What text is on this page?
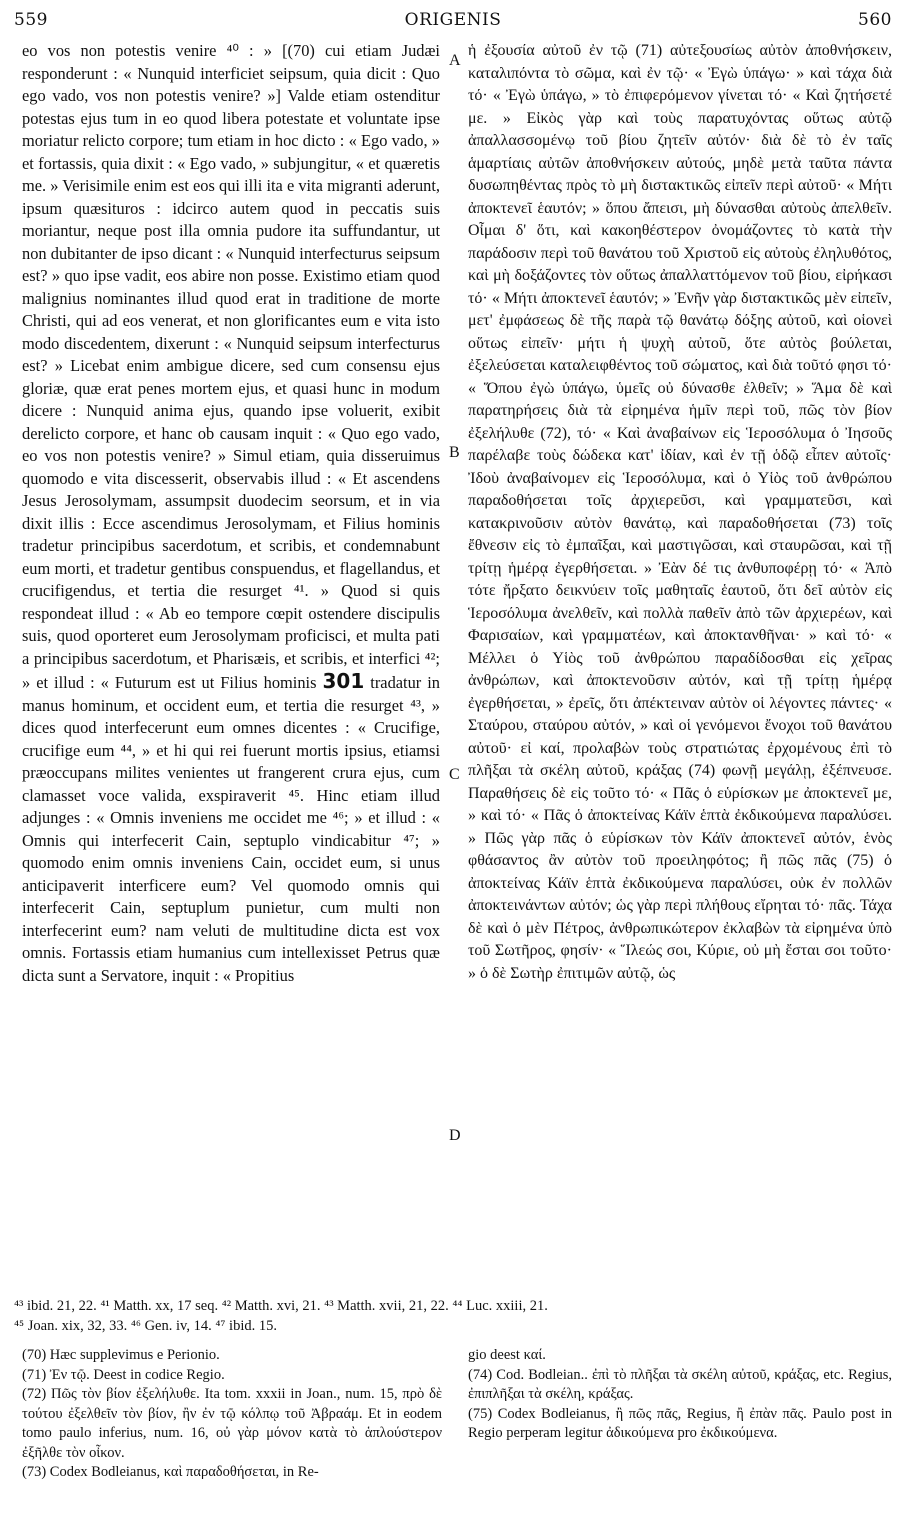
559	ORIGENIS	560

eo vos non potestis venire ⁴⁰ : » [(70) cui etiam Judæi responderunt : « Nunquid interficiet seipsum, quia dicit : Quo ego vado, vos non potestis venire? »] Valde etiam ostenditur potestas ejus tum in eo quod libera potestate et voluntate ipse moriatur relicto corpore; tum etiam in hoc dicto : « Ego vado, » et fortassis, quia dixit : « Ego vado, » subjungitur, « et quæretis me. » Verisimile enim est eos qui illi ita e vita migranti aderunt, ipsum quæsituros : idcirco autem quod in peccatis suis moriantur, neque post illa omnia pudore ita suffundantur, ut non dubitanter de ipso dicant : « Nunquid interfecturus seipsum est? » quo ipse vadit, eos abire non posse. Existimo etiam quod malignius nominantes illud quod erat in traditione de morte Christi, qui ad eos venerat, et non glorificantes eum e vita isto modo discedentem, dixerunt : « Nunquid seipsum interfecturus est? » Licebat enim ambigue dicere, sed cum consensu ejus gloriæ, quæ erat penes mortem ejus, et quasi hunc in modum dicere : Nunquid anima ejus, quando ipse voluerit, exibit derelicto corpore, et hanc ob causam inquit : « Quo ego vado, eo vos non potestis venire? » Simul etiam, quia disseruimus quomodo e vita discesserit, observabis illud : « Et ascendens Jesus Jerosolymam, assumpsit duodecim seorsum, et in via dixit illis : Ecce ascendimus Jerosolymam, et Filius hominis tradetur principibus sacerdotum, et scribis, et condemnabunt eum morti, et tradetur gentibus conspuendus, et flagellandus, et crucifigendus, et tertia die resurget ⁴¹. » Quod si quis respondeat illud : « Ab eo tempore cœpit ostendere discipulis suis, quod oporteret eum Jerosolymam proficisci, et multa pati a principibus sacerdotum, et Pharisæis, et scribis, et interfici ⁴²; » et illud : « Futurum est ut Filius hominis 301 tradatur in manus hominum, et occident eum, et tertia die resurget ⁴³, » dices quod interfecerunt eum omnes dicentes : « Crucifige, crucifige eum ⁴⁴, » et hi qui rei fuerunt mortis ipsius, etiamsi præoccupans milites venientes ut frangerent crura ejus, cum clamasset voce valida, exspiraverit ⁴⁵. Hinc etiam illud adjunges : « Omnis inveniens me occidet me ⁴⁶; » et illud : « Omnis qui interfecerit Cain, septuplo vindicabitur ⁴⁷; » quomodo enim omnis inveniens Cain, occidet eum, si unus anticipaverit interficere eum? Vel quomodo omnis qui interfecerit Cain, septuplum punietur, cum multi non interfecerint eum? nam veluti de multitudine dicta est vox omnis. Fortassis etiam humanius cum intellexisset Petrus quæ dicta sunt a Servatore, inquit : « Propitius

A
B
C
D

ἡ ἐξουσία αὐτοῦ ἐν τῷ (71) αὐτεξουσίως αὐτὸν ἀποθνήσκειν, καταλιπόντα τὸ σῶμα, καὶ ἐν τῷ· « Ἐγὼ ὑπάγω· » καὶ τάχα διὰ τό· « Ἐγὼ ὑπάγω, » τὸ ἐπιφερόμενον γίνεται τό· « Καὶ ζητήσετέ με. » Εἰκὸς γὰρ καὶ τοὺς παρατυχόντας οὕτως αὐτῷ ἀπαλλασσομένῳ τοῦ βίου ζητεῖν αὐτόν· διὰ δὲ τὸ ἐν ταῖς ἁμαρτίαις αὐτῶν ἀποθνήσκειν αὐτούς, μηδὲ μετὰ ταῦτα πάντα δυσωπηθέντας πρὸς τὸ μὴ διστακτικῶς εἰπεῖν περὶ αὐτοῦ· « Μήτι ἀποκτενεῖ ἑαυτόν; » ὅπου ἄπεισι, μὴ δύνασθαι αὐτοὺς ἀπελθεῖν. Οἶμαι δ' ὅτι, καὶ κακοηθέστερον ὀνομάζοντες τὸ κατὰ τὴν παράδοσιν περὶ τοῦ θανάτου τοῦ Χριστοῦ εἰς αὐτοὺς ἐληλυθότος, καὶ μὴ δοξάζοντες τὸν οὕτως ἀπαλλαττόμενον τοῦ βίου, εἰρήκασι τό· « Μήτι ἀποκτενεῖ ἑαυτόν; » Ἐνῆν γὰρ διστακτικῶς μὲν εἰπεῖν, μετ' ἐμφάσεως δὲ τῆς παρὰ τῷ θανάτῳ δόξης αὐτοῦ, καὶ οἱονεὶ οὕτως εἰπεῖν· μήτι ἡ ψυχὴ αὐτοῦ, ὅτε αὐτὸς βούλεται, ἐξελεύσεται καταλειφθέντος τοῦ σώματος, καὶ διὰ τοῦτό φησι τό· « Ὅπου ἐγὼ ὑπάγω, ὑμεῖς οὐ δύνασθε ἐλθεῖν; » Ἅμα δὲ καὶ παρατηρήσεις διὰ τὰ εἰρημένα ἡμῖν περὶ τοῦ, πῶς τὸν βίον ἐξελήλυθε (72), τό· « Καὶ ἀναβαίνων εἰς Ἱεροσόλυμα ὁ Ἰησοῦς παρέλαβε τοὺς δώδεκα κατ' ἰδίαν, καὶ ἐν τῇ ὁδῷ εἶπεν αὐτοῖς· Ἰδοὺ ἀναβαίνομεν εἰς Ἱεροσόλυμα, καὶ ὁ Υἱὸς τοῦ ἀνθρώπου παραδοθήσεται τοῖς ἀρχιερεῦσι, καὶ γραμματεῦσι, καὶ κατακρινοῦσιν αὐτὸν θανάτῳ, καὶ παραδοθήσεται (73) τοῖς ἔθνεσιν εἰς τὸ ἐμπαῖξαι, καὶ μαστιγῶσαι, καὶ σταυρῶσαι, καὶ τῇ τρίτῃ ἡμέρᾳ ἐγερθήσεται. » Ἐὰν δέ τις ἀνθυποφέρῃ τό· « Ἀπὸ τότε ἤρξατο δεικνύειν τοῖς μαθηταῖς ἑαυτοῦ, ὅτι δεῖ αὐτὸν εἰς Ἱεροσόλυμα ἀνελθεῖν, καὶ πολλὰ παθεῖν ἀπὸ τῶν ἀρχιερέων, καὶ Φαρισαίων, καὶ γραμματέων, καὶ ἀποκτανθῆναι· » καὶ τό· « Μέλλει ὁ Υἱὸς τοῦ ἀνθρώπου παραδίδοσθαι εἰς χεῖρας ἀνθρώπων, καὶ ἀποκτενοῦσιν αὐτόν, καὶ τῇ τρίτῃ ἡμέρᾳ ἐγερθήσεται, » ἐρεῖς, ὅτι ἀπέκτειναν αὐτὸν οἱ λέγοντες πάντες· « Σταύρου, σταύρου αὐτόν, » καὶ οἱ γενόμενοι ἔνοχοι τοῦ θανάτου αὐτοῦ· εἰ καί, προλαβὼν τοὺς στρατιώτας ἐρχομένους ἐπὶ τὸ πλῆξαι τὰ σκέλη αὐτοῦ, κράξας (74) φωνῇ μεγάλῃ, ἐξέπνευσε. Παραθήσεις δὲ εἰς τοῦτο τό· « Πᾶς ὁ εὑρίσκων με ἀποκτενεῖ με, » καὶ τό· « Πᾶς ὁ ἀποκτείνας Κάϊν ἑπτὰ ἐκδικούμενα παραλύσει. » Πῶς γὰρ πᾶς ὁ εὑρίσκων τὸν Κάϊν ἀποκτενεῖ αὐτόν, ἑνὸς φθάσαντος ἂν αὐτὸν τοῦ προειληφότος; ἢ πῶς πᾶς (75) ὁ ἀποκτείνας Κάϊν ἑπτὰ ἐκδικούμενα παραλύσει, οὐκ ἐν πολλῶν ἀποκτεινάντων αὐτόν; ὡς γὰρ περὶ πλήθους εἴρηται τό· πᾶς. Τάχα δὲ καὶ ὁ μὲν Πέτρος, ἀνθρωπικώτερον ἐκλαβὼν τὰ εἰρημένα ὑπὸ τοῦ Σωτῆρος, φησίν· « Ἵλεώς σοι, Κύριε, οὐ μὴ ἔσται σοι τοῦτο· » ὁ δὲ Σωτὴρ ἐπιτιμῶν αὐτῷ, ὡς

⁴³ ibid. 21, 22. ⁴¹ Matth. xx, 17 seq. ⁴² Matth. xvi, 21. ⁴³ Matth. xvii, 21, 22. ⁴⁴ Luc. xxiii, 21.
⁴⁵ Joan. xix, 32, 33. ⁴⁶ Gen. iv, 14. ⁴⁷ ibid. 15.

(70) Hæc supplevimus e Perionio.

(71) Ἐν τῷ. Deest in codice Regio.

(72) Πῶς τὸν βίον ἐξελήλυθε. Ita tom. xxxii in Joan., num. 15, πρὸ δὲ τούτου ἐξελθεῖν τὸν βίον, ἢν ἐν τῷ κόλπῳ τοῦ Ἀβραάμ. Et in eodem tomo paulo inferius, num. 16, οὐ γὰρ μόνον κατὰ τὸ ἁπλούστερον ἐξῆλθε τὸν οἶκον.

(73) Codex Bodleianus, καὶ παραδοθήσεται, in Re-

gio deest καί.

(74) Cod. Bodleian.. ἐπὶ τὸ πλῆξαι τὰ σκέλη αὐτοῦ, κράξας, etc. Regius, ἐπιπλῆξαι τὰ σκέλη, κράξας.

(75) Codex Bodleianus, ἢ πῶς πᾶς, Regius, ἢ ἐπὰν πᾶς. Paulo post in Regio perperam legitur ἀδικούμενα pro ἐκδικούμενα.
